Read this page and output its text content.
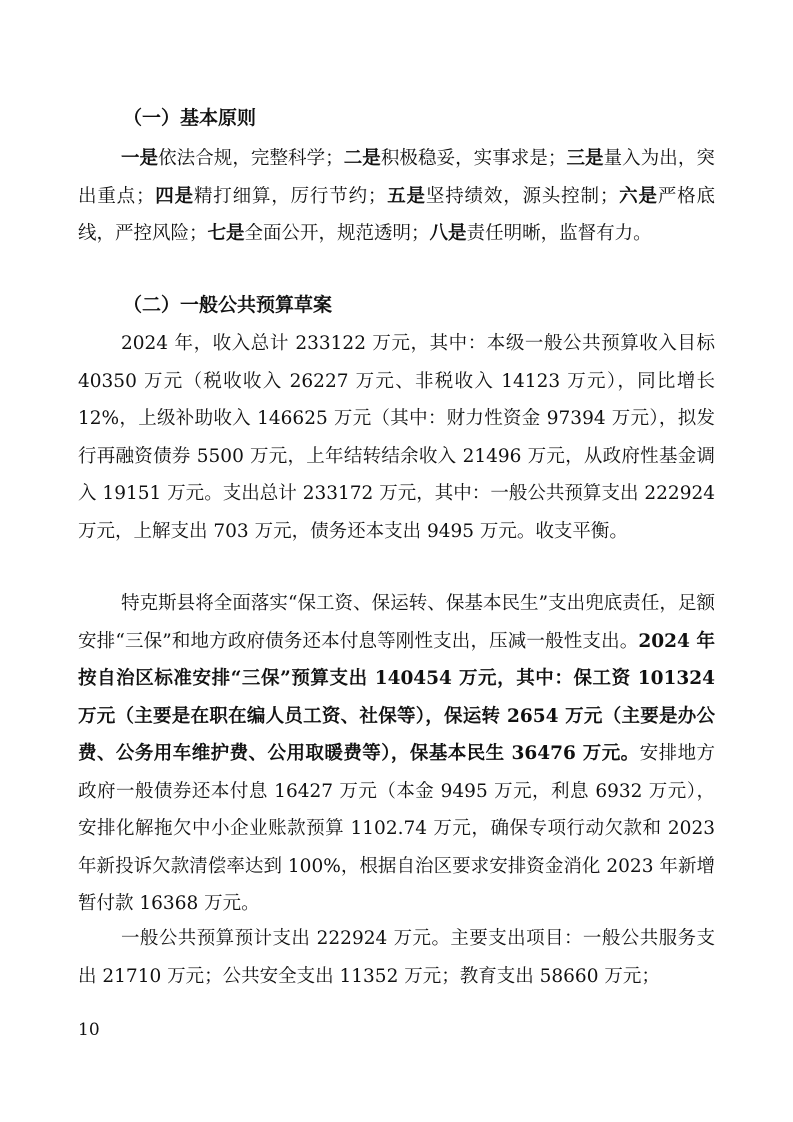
（一）基本原则
一是依法合规，完整科学；二是积极稳妥，实事求是；三是量入为出，突出重点；四是精打细算，厉行节约；五是坚持绩效，源头控制；六是严格底线，严控风险；七是全面公开，规范透明；八是责任明晰，监督有力。
（二）一般公共预算草案
2024 年，收入总计 233122 万元，其中：本级一般公共预算收入目标 40350 万元（税收收入 26227 万元、非税收入 14123 万元），同比增长 12%，上级补助收入 146625 万元（其中：财力性资金 97394 万元），拟发行再融资债券 5500 万元，上年结转结余收入 21496 万元，从政府性基金调入 19151 万元。支出总计 233172 万元，其中：一般公共预算支出 222924 万元，上解支出 703 万元，债务还本支出 9495 万元。收支平衡。
特克斯县将全面落实“保工资、保运转、保基本民生”支出兜底责任，足额安排“三保”和地方政府债务还本付息等刚性支出，压减一般性支出。2024 年按自治区标准安排“三保”预算支出 140454 万元，其中：保工资 101324 万元（主要是在职在编人员工资、社保等），保运转 2654 万元（主要是办公费、公务用车维护费、公用取暖费等），保基本民生 36476 万元。安排地方政府一般债券还本付息 16427 万元（本金 9495 万元，利息 6932 万元），安排化解拖欠中小企业账款预算 1102.74 万元，确保专项行动欠款和 2023 年新投诉欠款清偿率达到 100%，根据自治区要求安排资金消化 2023 年新增暂付款 16368 万元。
一般公共预算预计支出 222924 万元。主要支出项目：一般公共服务支出 21710 万元；公共安全支出 11352 万元；教育支出 58660 万元；
10
